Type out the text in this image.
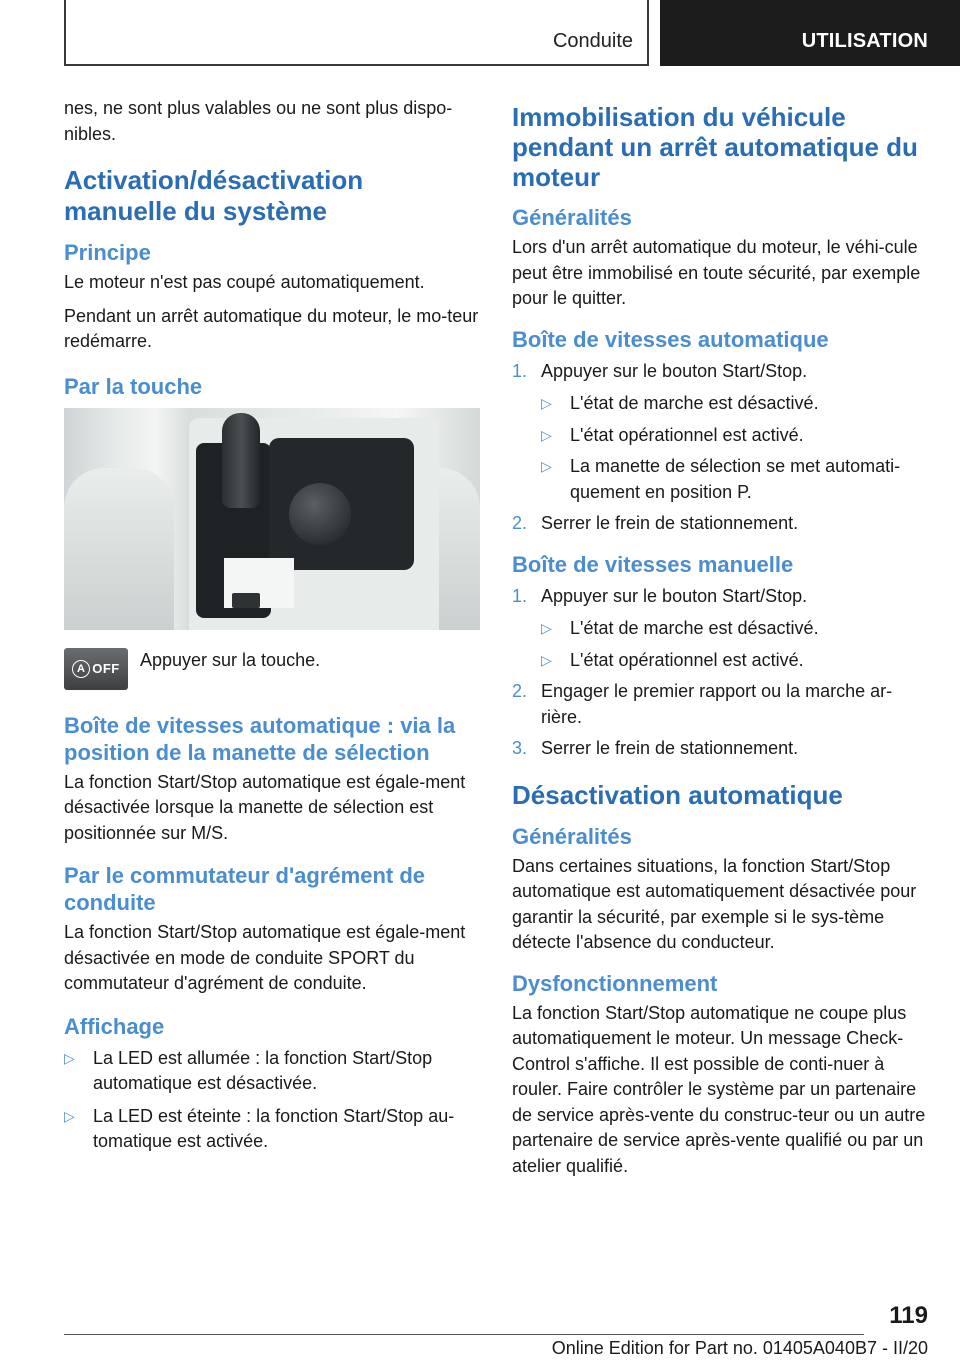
Conduite	UTILISATION

nes, ne sont plus valables ou ne sont plus dispo-nibles.

Activation/désactivation manuelle du système
Principe

Le moteur n'est pas coupé automatiquement.

Pendant un arrêt automatique du moteur, le mo-teur redémarre.

Par la touche
A OFF Appuyer sur la touche.
Boîte de vitesses automatique : via la position de la manette de sélection

La fonction Start/Stop automatique est égale-ment désactivée lorsque la manette de sélection est positionnée sur M/S.

Par le commutateur d'agrément de conduite

La fonction Start/Stop automatique est égale-ment désactivée en mode de conduite SPORT du commutateur d'agrément de conduite.

Affichage
▷ La LED est allumée : la fonction Start/Stop automatique est désactivée.
▷ La LED est éteinte : la fonction Start/Stop au-tomatique est activée.
Immobilisation du véhicule pendant un arrêt automatique du moteur
Généralités

Lors d'un arrêt automatique du moteur, le véhi-cule peut être immobilisé en toute sécurité, par exemple pour le quitter.

Boîte de vitesses automatique
1. Appuyer sur le bouton Start/Stop.
▷ L'état de marche est désactivé.
▷ L'état opérationnel est activé.
▷ La manette de sélection se met automati-quement en position P.
2. Serrer le frein de stationnement.
Boîte de vitesses manuelle
1. Appuyer sur le bouton Start/Stop.
▷ L'état de marche est désactivé.
▷ L'état opérationnel est activé.
2. Engager le premier rapport ou la marche ar-rière.
3. Serrer le frein de stationnement.
Désactivation automatique
Généralités

Dans certaines situations, la fonction Start/Stop automatique est automatiquement désactivée pour garantir la sécurité, par exemple si le sys-tème détecte l'absence du conducteur.

Dysfonctionnement

La fonction Start/Stop automatique ne coupe plus automatiquement le moteur. Un message Check-Control s'affiche. Il est possible de conti-nuer à rouler. Faire contrôler le système par un partenaire de service après-vente du construc-teur ou un autre partenaire de service après-vente qualifié ou par un atelier qualifié.

119
Online Edition for Part no. 01405A040B7 - II/20
